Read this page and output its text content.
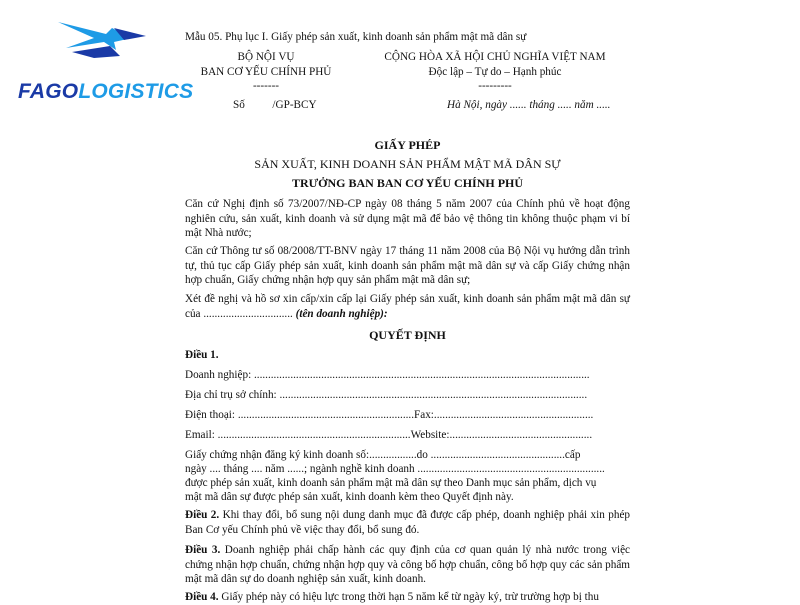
FAGOLOGISTICS
Mẫu 05. Phụ lục I. Giấy phép sản xuất, kinh doanh sản phẩm mật mã dân sự
BỘ NỘI VỤ
BAN CƠ YẾU CHÍNH PHỦ
-------
CỘNG HÒA XÃ HỘI CHỦ NGHĨA VIỆT NAM
Độc lập – Tự do – Hạnh phúc
---------
Số /GP-BCY	Hà Nội, ngày ...... tháng ..... năm .....
GIẤY PHÉP
SẢN XUẤT, KINH DOANH SẢN PHẨM MẬT MÃ DÂN SỰ
TRƯỞNG BAN BAN CƠ YẾU CHÍNH PHỦ
Căn cứ Nghị định số 73/2007/NĐ-CP ngày 08 tháng 5 năm 2007 của Chính phủ về hoạt động nghiên cứu, sản xuất, kinh doanh và sử dụng mật mã để bảo vệ thông tin không thuộc phạm vi bí mật Nhà nước;
Căn cứ Thông tư số 08/2008/TT-BNV ngày 17 tháng 11 năm 2008 của Bộ Nội vụ hướng dẫn trình tự, thủ tục cấp Giấy phép sản xuất, kinh doanh sản phẩm mật mã dân sự và cấp Giấy chứng nhận hợp chuẩn, Giấy chứng nhận hợp quy sản phẩm mật mã dân sự;
Xét đề nghị và hồ sơ xin cấp/xin cấp lại Giấy phép sản xuất, kinh doanh sản phẩm mật mã dân sự của ................................ (tên doanh nghiệp):
QUYẾT ĐỊNH
Điều 1.
Doanh nghiệp: ........................................................................................................................
Địa chỉ trụ sở chính: ..............................................................................................................
Điện thoại: ...............................................................Fax:.........................................................
Email: .....................................................................Website:...................................................
Giấy chứng nhận đăng ký kinh doanh số:.................do ................................................cấp
ngày .... tháng .... năm ......; ngành nghề kinh doanh ...................................................................
được phép sản xuất, kinh doanh sản phẩm mật mã dân sự theo Danh mục sản phẩm, dịch vụ
mật mã dân sự được phép sản xuất, kinh doanh kèm theo Quyết định này.
Điều 2. Khi thay đổi, bổ sung nội dung danh mục đã được cấp phép, doanh nghiệp phải xin phép Ban Cơ yếu Chính phủ về việc thay đổi, bổ sung đó.
Điều 3. Doanh nghiệp phải chấp hành các quy định của cơ quan quản lý nhà nước trong việc chứng nhận hợp chuẩn, chứng nhận hợp quy và công bố hợp chuẩn, công bố hợp quy các sản phẩm mật mã dân sự do doanh nghiệp sản xuất, kinh doanh.
Điều 4. Giấy phép này có hiệu lực trong thời hạn 5 năm kể từ ngày ký, trừ trường hợp bị thu
